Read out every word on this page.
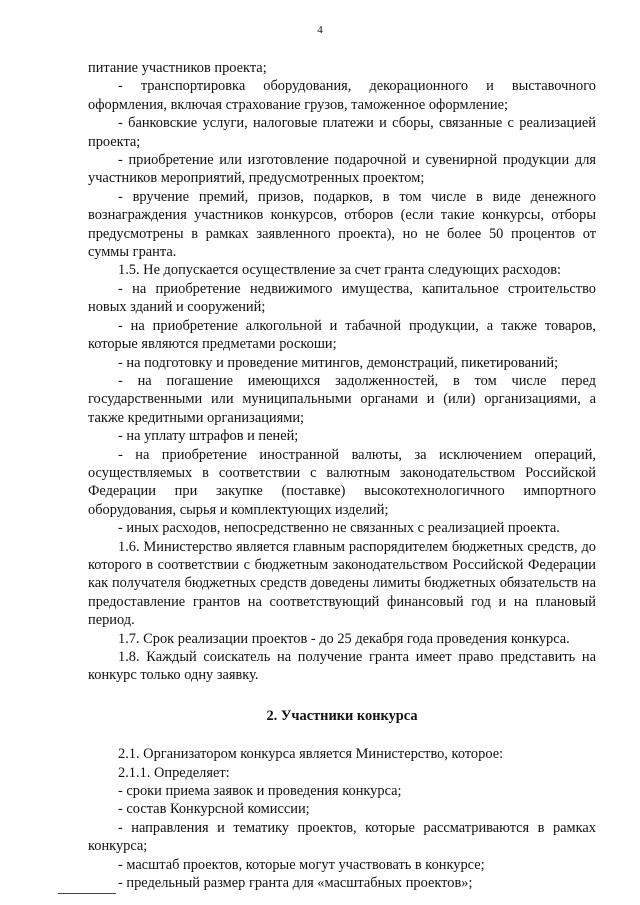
4

питание участников проекта;

- транспортировка оборудования, декорационного и выставочного оформления, включая страхование грузов, таможенное оформление;

- банковские услуги, налоговые платежи и сборы, связанные с реализацией проекта;

- приобретение или изготовление подарочной и сувенирной продукции для участников мероприятий, предусмотренных проектом;

- вручение премий, призов, подарков, в том числе в виде денежного вознаграждения участников конкурсов, отборов (если такие конкурсы, отборы предусмотрены в рамках заявленного проекта), но не более 50 процентов от суммы гранта.

1.5. Не допускается осуществление за счет гранта следующих расходов:

- на приобретение недвижимого имущества, капитальное строительство новых зданий и сооружений;

- на приобретение алкогольной и табачной продукции, а также товаров, которые являются предметами роскоши;

- на подготовку и проведение митингов, демонстраций, пикетирований;

- на погашение имеющихся задолженностей, в том числе перед государственными или муниципальными органами и (или) организациями, а также кредитными организациями;

- на уплату штрафов и пеней;

- на приобретение иностранной валюты, за исключением операций, осуществляемых в соответствии с валютным законодательством Российской Федерации при закупке (поставке) высокотехнологичного импортного оборудования, сырья и комплектующих изделий;

- иных расходов, непосредственно не связанных с реализацией проекта.

1.6. Министерство является главным распорядителем бюджетных средств, до которого в соответствии с бюджетным законодательством Российской Федерации как получателя бюджетных средств доведены лимиты бюджетных обязательств на предоставление грантов на соответствующий финансовый год и на плановый период.

1.7. Срок реализации проектов - до 25 декабря года проведения конкурса.

1.8. Каждый соискатель на получение гранта имеет право представить на конкурс только одну заявку.

2. Участники конкурса

2.1. Организатором конкурса является Министерство, которое:

2.1.1. Определяет:

- сроки приема заявок и проведения конкурса;

- состав Конкурсной комиссии;

- направления и тематику проектов, которые рассматриваются в рамках конкурса;

- масштаб проектов, которые могут участвовать в конкурсе;

- предельный размер гранта для «масштабных проектов»;
